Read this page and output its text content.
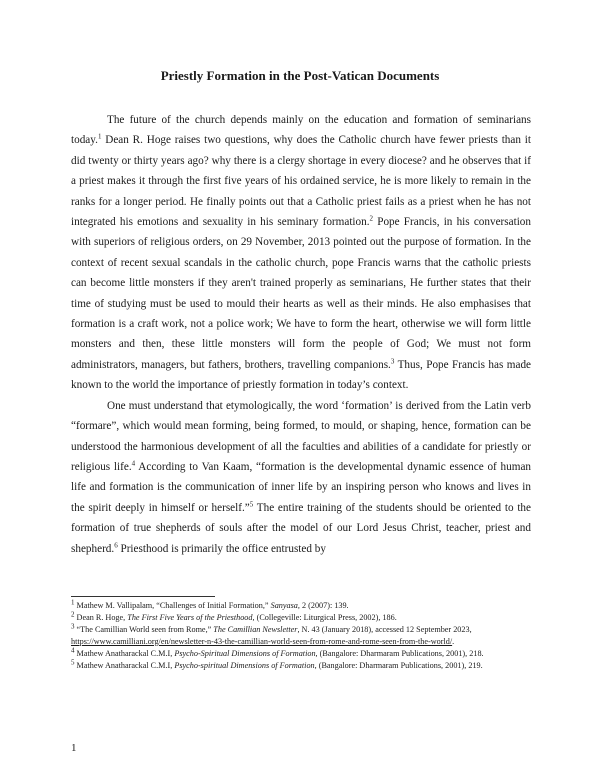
Priestly Formation in the Post-Vatican Documents

The future of the church depends mainly on the education and formation of seminarians today.$^1$ Dean R. Hoge raises two questions, why does the Catholic church have fewer priests than it did twenty or thirty years ago? why there is a clergy shortage in every diocese? and he observes that if a priest makes it through the first five years of his ordained service, he is more likely to remain in the ranks for a longer period. He finally points out that a Catholic priest fails as a priest when he has not integrated his emotions and sexuality in his seminary formation.$^2$ Pope Francis, in his conversation with superiors of religious orders, on 29 November, 2013 pointed out the purpose of formation. In the context of recent sexual scandals in the catholic church, pope Francis warns that the catholic priests can become little monsters if they aren't trained properly as seminarians, He further states that their time of studying must be used to mould their hearts as well as their minds. He also emphasises that formation is a craft work, not a police work; We have to form the heart, otherwise we will form little monsters and then, these little monsters will form the people of God; We must not form administrators, managers, but fathers, brothers, travelling companions.$^3$ Thus, Pope Francis has made known to the world the importance of priestly formation in today’s context.

One must understand that etymologically, the word ‘formation’ is derived from the Latin verb “formare”, which would mean forming, being formed, to mould, or shaping, hence, formation can be understood the harmonious development of all the faculties and abilities of a candidate for priestly or religious life.$^4$ According to Van Kaam, “formation is the developmental dynamic essence of human life and formation is the communication of inner life by an inspiring person who knows and lives in the spirit deeply in himself or herself.”$^5$ The entire training of the students should be oriented to the formation of true shepherds of souls after the model of our Lord Jesus Christ, teacher, priest and shepherd.$^6$ Priesthood is primarily the office entrusted by

$^1$ Mathew M. Vallipalam, “Challenges of Initial Formation,” Sanyasa, 2 (2007): 139.
$^2$ Dean R. Hoge, The First Five Years of the Priesthood, (Collegeville: Liturgical Press, 2002), 186.
$^3$ “The Camillian World seen from Rome,” The Camillian Newsletter, N. 43 (January 2018), accessed 12 September 2023, https://www.camilliani.org/en/newsletter-n-43-the-camillian-world-seen-from-rome-and-rome-seen-from-the-world/.
$^4$ Mathew Anatharackal C.M.I, Psycho-Spiritual Dimensions of Formation, (Bangalore: Dharmaram Publications, 2001), 218.
$^5$ Mathew Anatharackal C.M.I, Psycho-spiritual Dimensions of Formation, (Bangalore: Dharmaram Publications, 2001), 219.
1
